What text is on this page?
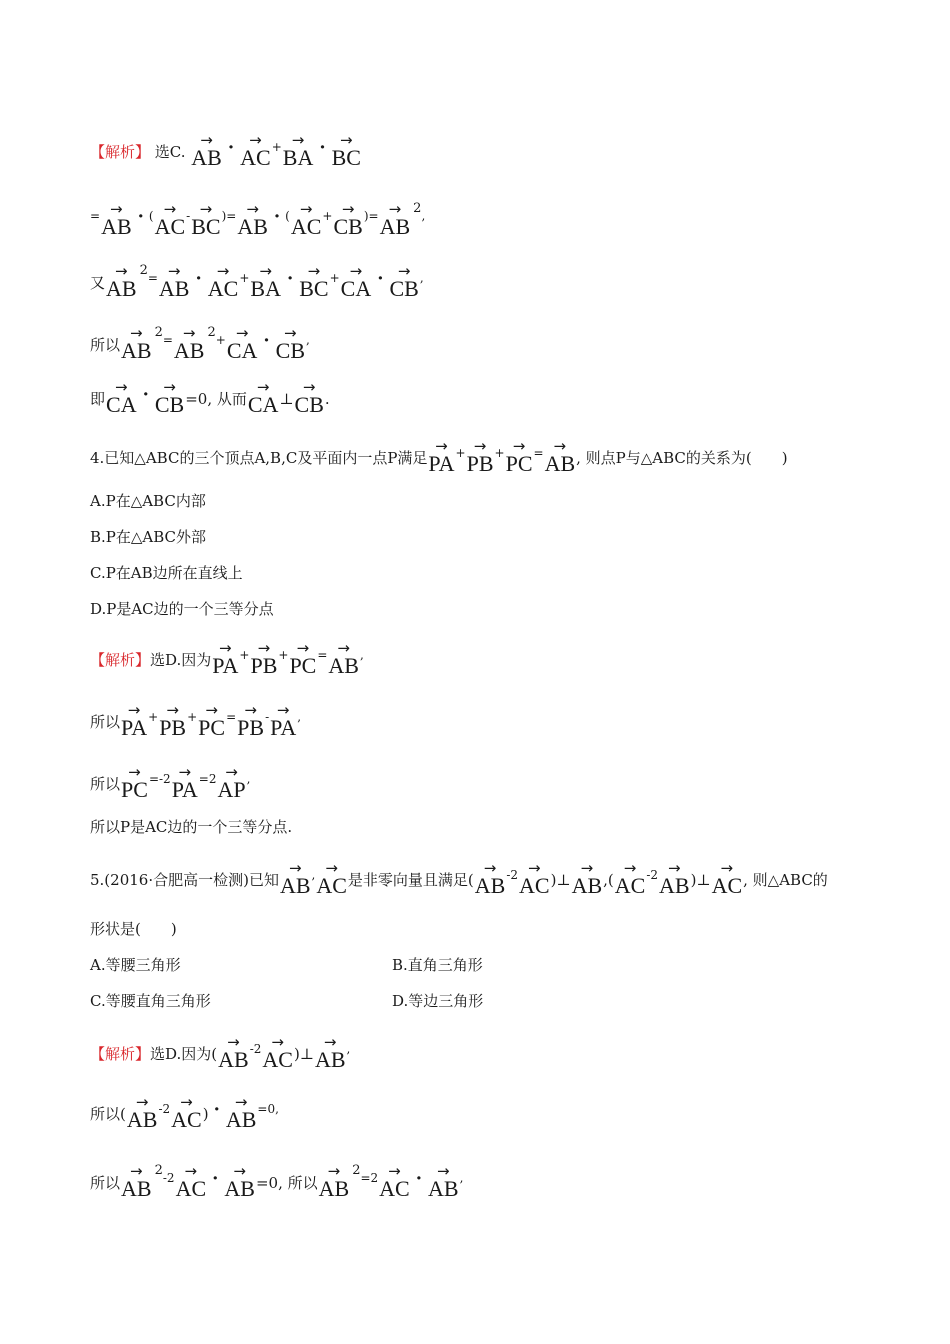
【解析】 选C. → AB ·→ AC+→ BA ·→ BC
=→ AB · (→ AC-→ BC)=→ AB · (→ AC+→ CB)=→ AB2,
又→ AB2=→ AB ·→ AC+→ BA ·→ BC+→ CA ·→ CB,
所以→ AB2=→ AB2+→ CA ·→ CB,
即→ CA ·→ CB=0, 从而→ CA⊥→ CB.
4.已知△ABC的三个顶点A,B,C及平面内一点P满足→ PA+→ PB+→ PC=→ AB, 则点P与△ABC的关系为(　　)
A.P在△ABC内部
B.P在△ABC外部
C.P在AB边所在直线上
D.P是AC边的一个三等分点
【解析】选D.因为→ PA+→ PB+→ PC=→ AB,
所以→ PA+→ PB+→ PC=→ PB-→ PA,
所以→ $PC^{=-2}\to PA^{=2}\to AP^,$
所以P是AC边的一个三等分点.
5.(2016·合肥高一检测)已知→ AB,→ AC是非零向量且满足(→ $AB^{-2}\to$ AC)⊥→ $AB,(\to AC^{-2}\to$ AB)⊥→ AC, 则△ABC的
形状是(　　)
A.等腰三角形	B.直角三角形
C.等腰直角三角形	D.等边三角形
【解析】选D.因为(→ $AB^{-2}\to$ AC)⊥→ AB,
所以(→ $AB^{-2}\to AC) \cdot\to AB^{=0,}$
所以→ $AB2^{-2}\to$ AC ·→ AB=0, 所以→ $AB2^{=2}\to$ AC ·→ AB,
